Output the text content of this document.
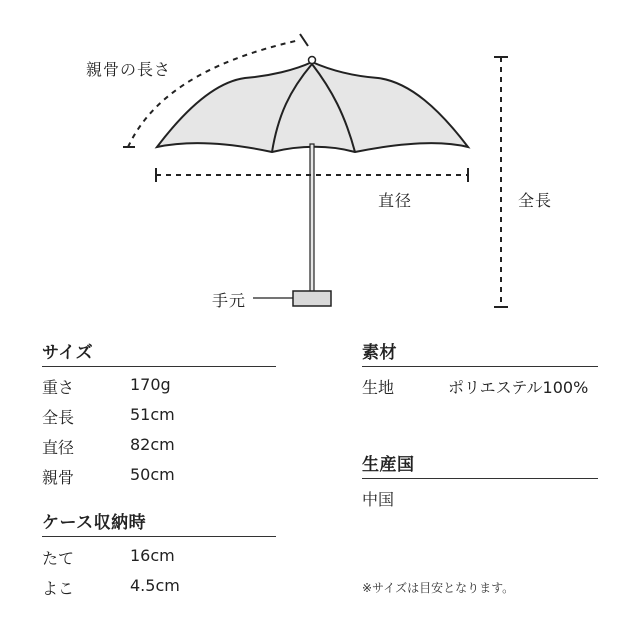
親骨の長さ
直径	全長
手元
サイズ
重さ	170g
全長	51cm
直径	82cm
親骨	50cm
ケース収納時
たて	16cm
よこ	4.5cm
素材
生地	ポリエステル100%
生産国
中国
※サイズは目安となります。
